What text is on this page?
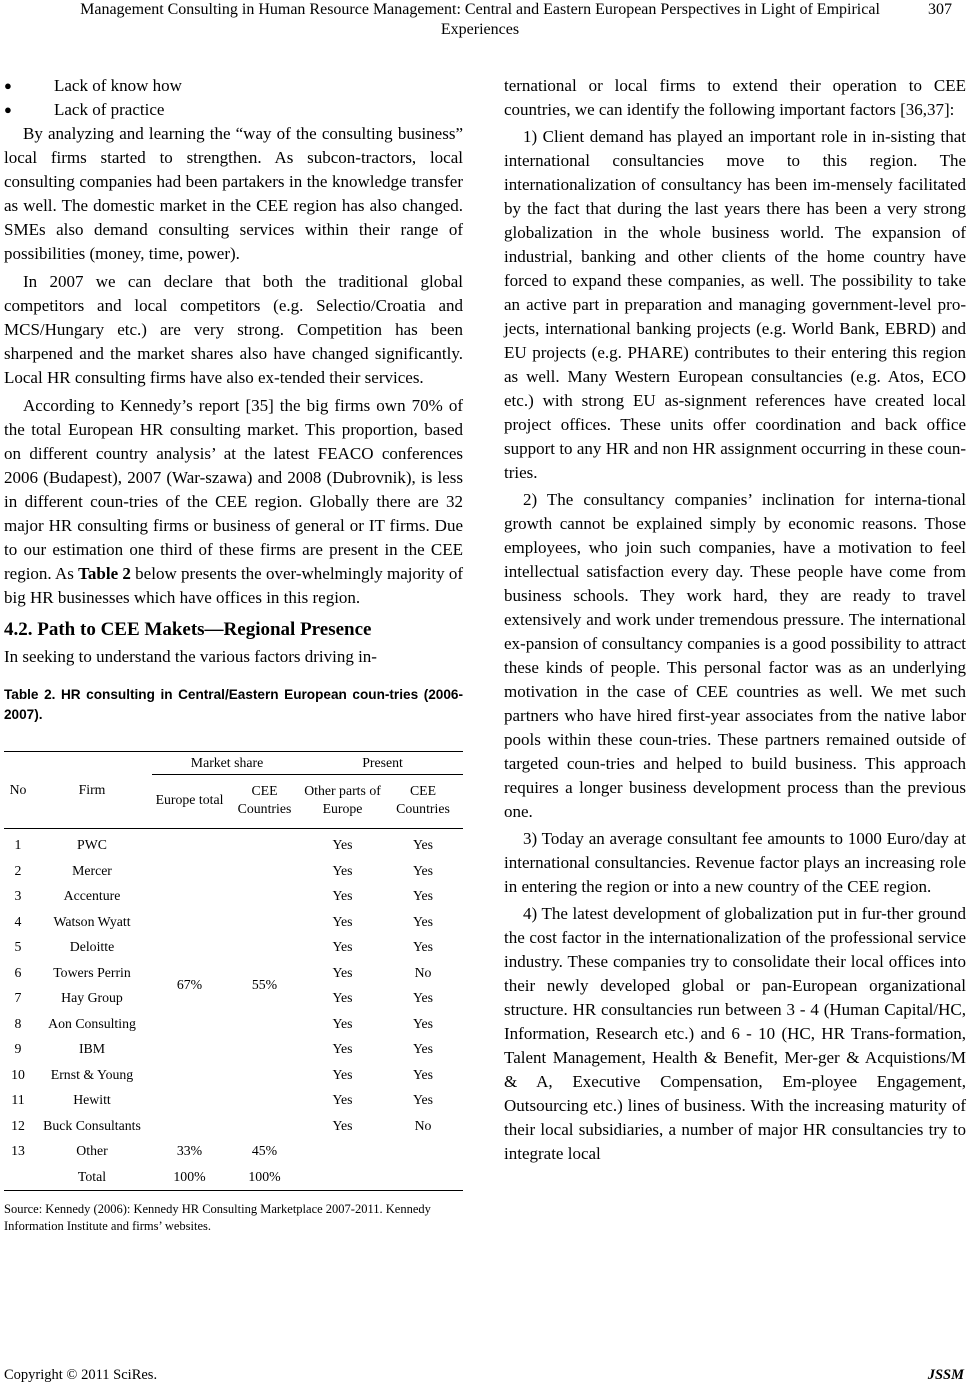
Management Consulting in Human Resource Management: Central and Eastern European Perspectives in Light of Empirical Experiences
307
● Lack of know how
● Lack of practice

By analyzing and learning the “way of the consulting business” local firms started to strengthen. As subcon-tractors, local consulting companies had been partakers in the knowledge transfer as well. The domestic market in the CEE region has also changed. SMEs also demand consulting services within their range of possibilities (money, time, power).

In 2007 we can declare that both the traditional global competitors and local competitors (e.g. Selectio/Croatia and MCS/Hungary etc.) are very strong. Competition has been sharpened and the market shares also have changed significantly. Local HR consulting firms have also ex-tended their services.

According to Kennedy’s report [35] the big firms own 70% of the total European HR consulting market. This proportion, based on different country analysis’ at the latest FEACO conferences 2006 (Budapest), 2007 (War-szawa) and 2008 (Dubrovnik), is less in different coun-tries of the CEE region. Globally there are 32 major HR consulting firms or business of general or IT firms. Due to our estimation one third of these firms are present in the CEE region. As Table 2 below presents the over-whelmingly majority of big HR businesses which have offices in this region.

4.2. Path to CEE Makets―Regional Presence

In seeking to understand the various factors driving in-

Table 2. HR consulting in Central/Eastern European coun-tries (2006-2007).
No	Firm	Market share		Present	
		Europe total	CEE Countries	Other parts of Europe	CEE Countries
1	PWC	67%	55%	Yes	Yes
2	Mercer			Yes	Yes
3	Accenture			Yes	Yes
4	Watson Wyatt			Yes	Yes
5	Deloitte			Yes	Yes
6	Towers Perrin			Yes	No
7	Hay Group			Yes	Yes
8	Aon Consulting			Yes	Yes
9	IBM			Yes	Yes
10	Ernst & Young			Yes	Yes
11	Hewitt			Yes	Yes
12	Buck Consultants			Yes	No
13	Other	33%	45%		
	Total	100%	100%		
Source: Kennedy (2006): Kennedy HR Consulting Marketplace 2007-2011. Kennedy Information Institute and firms’ websites.

ternational or local firms to extend their operation to CEE countries, we can identify the following important factors [36,37]:

1) Client demand has played an important role in in-sisting that international consultancies move to this region. The internationalization of consultancy has been im-mensely facilitated by the fact that during the last years there has been a very strong globalization in the whole business world. The expansion of industrial, banking and other clients of the home country have forced to expand these companies, as well. The possibility to take an active part in preparation and managing government-level pro-jects, international banking projects (e.g. World Bank, EBRD) and EU projects (e.g. PHARE) contributes to their entering this region as well. Many Western European consultancies (e.g. Atos, ECO etc.) with strong EU as-signment references have created local project offices. These units offer coordination and back office support to any HR and non HR assignment occurring in these coun-tries.

2) The consultancy companies’ inclination for interna-tional growth cannot be explained simply by economic reasons. Those employees, who join such companies, have a motivation to feel intellectual satisfaction every day. These people have come from business schools. They work hard, they are ready to travel extensively and work under tremendous pressure. The international ex-pansion of consultancy companies is a good possibility to attract these kinds of people. This personal factor was as an underlying motivation in the case of CEE countries as well. We met such partners who have hired first-year associates from the native labor pools within these coun-tries. These partners remained outside of targeted coun-tries and helped to build business. This approach requires a longer business development process than the previous one.

3) Today an average consultant fee amounts to 1000 Euro/day at international consultancies. Revenue factor plays an increasing role in entering the region or into a new country of the CEE region.

4) The latest development of globalization put in fur-ther ground the cost factor in the internationalization of the professional service industry. These companies try to consolidate their local offices into their newly developed global or pan-European organizational structure. HR consultancies run between 3 - 4 (Human Capital/HC, Information, Research etc.) and 6 - 10 (HC, HR Trans-formation, Talent Management, Health & Benefit, Mer-ger & Acquistions/M & A, Executive Compensation, Em-ployee Engagement, Outsourcing etc.) lines of business. With the increasing maturity of their local subsidiaries, a number of major HR consultancies try to integrate local

Copyright © 2011 SciRes.	JSSM
